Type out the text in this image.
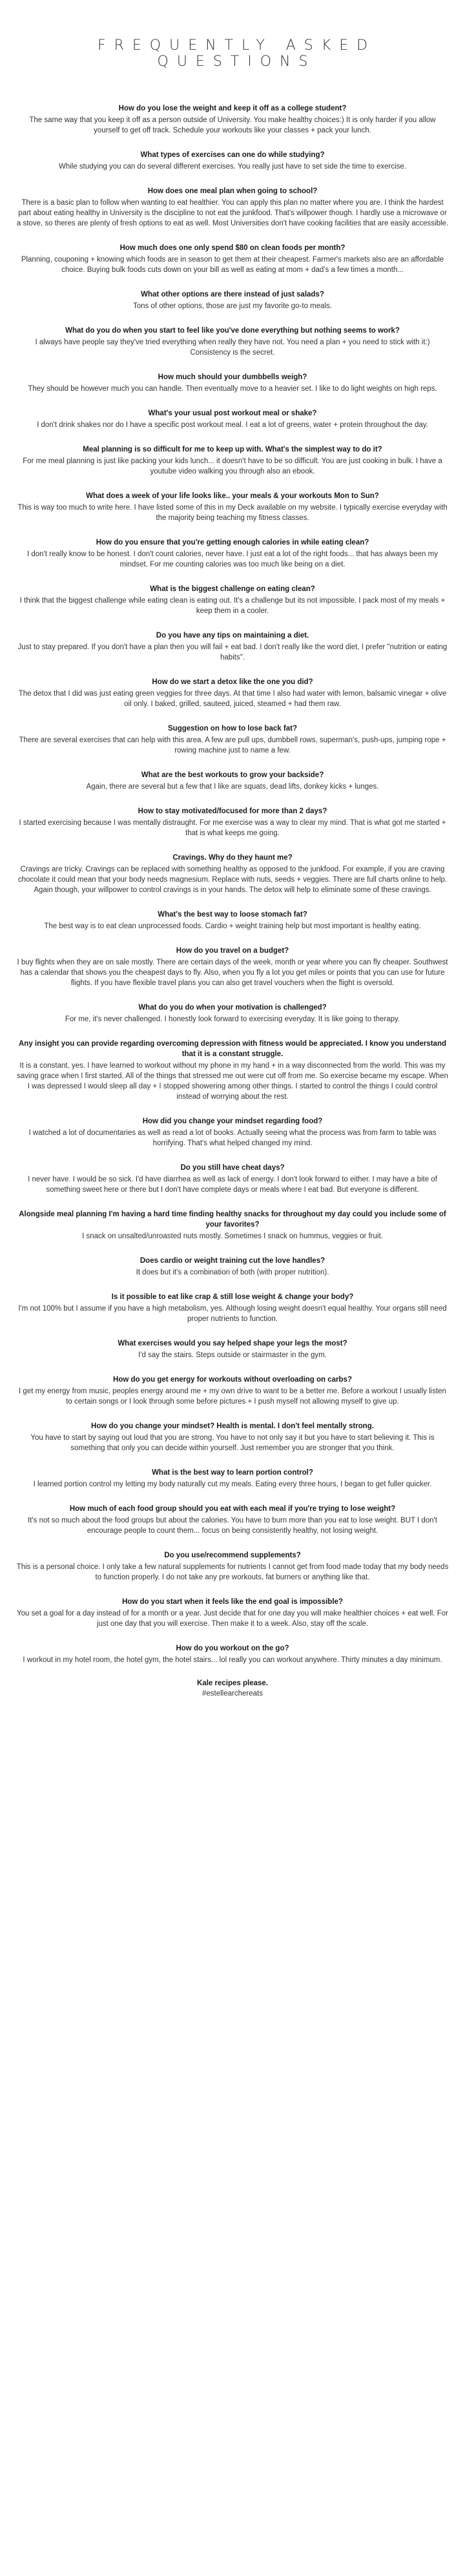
FREQUENTLY ASKED QUESTIONS
How do you lose the weight and keep it off as a college student?
The same way that you keep it off as a person outside of University. You make healthy choices:) It is only harder if you allow yourself to get off track. Schedule your workouts like your classes + pack your lunch.
What types of exercises can one do while studying?
While studying you can do several different exercises. You really just have to set side the time to exercise.
How does one meal plan when going to school?
There is a basic plan to follow when wanting to eat healthier. You can apply this plan no matter where you are. I think the hardest part about eating healthy in University is the discipline to not eat the junkfood. That's willpower though. I hardly use a microwave or a stove, so theres are plenty of fresh options to eat as well. Most Universities don't have cooking facilities that are easily accessible.
How much does one only spend $80 on clean foods per month?
Planning, couponing + knowing which foods are in season to get them at their cheapest. Farmer's markets also are an affordable choice. Buying bulk foods cuts down on your bill as well as eating at mom + dad's a few times a month...
What other options are there instead of just salads?
Tons of other options, those are just my favorite go-to meals.
What do you do when you start to feel like you've done everything but nothing seems to work?
I always have people say they've tried everything when really they have not. You need a plan + you need to stick with it:) Consistency is the secret.
How much should your dumbbells weigh?
They should be however much you can handle. Then eventually move to a heavier set. I like to do light weights on high reps.
What's your usual post workout meal or shake?
I don't drink shakes nor do I have a specific post workout meal. I eat a lot of greens, water + protein throughout the day.
Meal planning is so difficult for me to keep up with. What's the simplest way to do it?
For me meal planning is just like packing your kids lunch... it doesn't have to be so difficult. You are just cooking in bulk. I have a youtube video walking you through also an ebook.
What does a week of your life looks like.. your meals & your workouts Mon to Sun?
This is way too much to write here. I have listed some of this in my Deck available on my website. I typically exercise everyday with the majority being teaching my fitness classes.
How do you ensure that you're getting enough calories in while eating clean?
I don't really know to be honest. I don't count calories, never have. I just eat a lot of the right foods... that has always been my mindset. For me counting calories was too much like being on a diet.
What is the biggest challenge on eating clean?
I think that the biggest challenge while eating clean is eating out. It's a challenge but its not impossible. I pack most of my meals + keep them in a cooler.
Do you have any tips on maintaining a diet.
Just to stay prepared. If you don't have a plan then you will fail + eat bad. I don't really like the word diet, I prefer "nutrition or eating habits".
How do we start a detox like the one you did?
The detox that I did was just eating green veggies for three days. At that time I also had water with lemon, balsamic vinegar + olive oil only. I baked, grilled, sauteed, juiced, steamed + had them raw.
Suggestion on how to lose back fat?
There are several exercises that can help with this area. A few are pull ups, dumbbell rows, superman's, push-ups, jumping rope + rowing machine just to name a few.
What are the best workouts to grow your backside?
Again, there are several but a few that I like are squats, dead lifts, donkey kicks + lunges.
How to stay motivated/focused for more than 2 days?
I started exercising because I was mentally distraught. For me exercise was a way to clear my mind. That is what got me started + that is what keeps me going.
Cravings. Why do they haunt me?
Cravings are tricky. Cravings can be replaced with something healthy as opposed to the junkfood. For example, if you are craving chocolate it could mean that your body needs magnesium. Replace with nuts, seeds + veggies. There are full charts online to help.
Again though, your willpower to control cravings is in your hands. The detox will help to eliminate some of these cravings.
What's the best way to loose stomach fat?
The best way is to eat clean unprocessed foods. Cardio + weight training help but most important is healthy eating.
How do you travel on a budget?
I buy flights when they are on sale mostly. There are certain days of the week, month or year where you can fly cheaper. Southwest has a calendar that shows you the cheapest days to fly. Also, when you fly a lot you get miles or points that you can use for future flights. If you have flexible travel plans you can also get travel vouchers when the flight is oversold.
What do you do when your motivation is challenged?
For me, it's never challenged. I honestly look forward to exercising everyday. It is like going to therapy.
Any insight you can provide regarding overcoming depression with fitness would be appreciated. I know you understand that it is a constant struggle.
It is a constant, yes. I have learned to workout without my phone in my hand + in a way disconnected from the world. This was my saving grace when I first started. All of the things that stressed me out were cut off from me. So exercise became my escape. When I was depressed I would sleep all day + I stopped showering among other things. I started to control the things I could control instead of worrying about the rest.
How did you change your mindset regarding food?
I watched a lot of documentaries as well as read a lot of books. Actually seeing what the process was from farm to table was horrifying. That's what helped changed my mind.
Do you still have cheat days?
I never have. I would be so sick. I'd have diarrhea as well as lack of energy. I don't look forward to either. I may have a bite of something sweet here or there but I don't have complete days or meals where I eat bad. But everyone is different.
Alongside meal planning I'm having a hard time finding healthy snacks for throughout my day could you include some of your favorites?
I snack on unsalted/unroasted nuts mostly. Sometimes I snack on hummus, veggies or fruit.
Does cardio or weight training cut the love handles?
It does but it's a combination of both (with proper nutrition).
Is it possible to eat like crap & still lose weight & change your body?
I'm not 100% but I assume if you have a high metabolism, yes. Although losing weight doesn't equal healthy. Your organs still need proper nutrients to function.
What exercises would you say helped shape your legs the most?
I'd say the stairs. Steps outside or stairmaster in the gym.
How do you get energy for workouts without overloading on carbs?
I get my energy from music, peoples energy around me + my own drive to want to be a better me. Before a workout I usually listen to certain songs or I look through some before pictures + I push myself not allowing myself to give up.
How do you change your mindset? Health is mental. I don't feel mentally strong.
You have to start by saying out loud that you are strong. You have to not only say it but you have to start believing it. This is something that only you can decide within yourself. Just remember you are stronger that you think.
What is the best way to learn portion control?
I learned portion control my letting my body naturally cut my meals. Eating every three hours, I began to get fuller quicker.
How much of each food group should you eat with each meal if you're trying to lose weight?
It's not so much about the food groups but about the calories. You have to burn more than you eat to lose weight. BUT I don't encourage people to count them... focus on being consistently healthy, not losing weight.
Do you use/recommend supplements?
This is a personal choice. I only take a few natural supplements for nutrients I cannot get from food made today that my body needs to function properly. I do not take any pre workouts, fat burners or anything like that.
How do you start when it feels like the end goal is impossible?
You set a goal for a day instead of for a month or a year. Just decide that for one day you will make healthier choices + eat well. For just one day that you will exercise. Then make it to a week. Also, stay off the scale.
How do you workout on the go?
I workout in my hotel room, the hotel gym, the hotel stairs... lol really you can workout anywhere. Thirty minutes a day minimum.
Kale recipes please.
#estellearchereats
